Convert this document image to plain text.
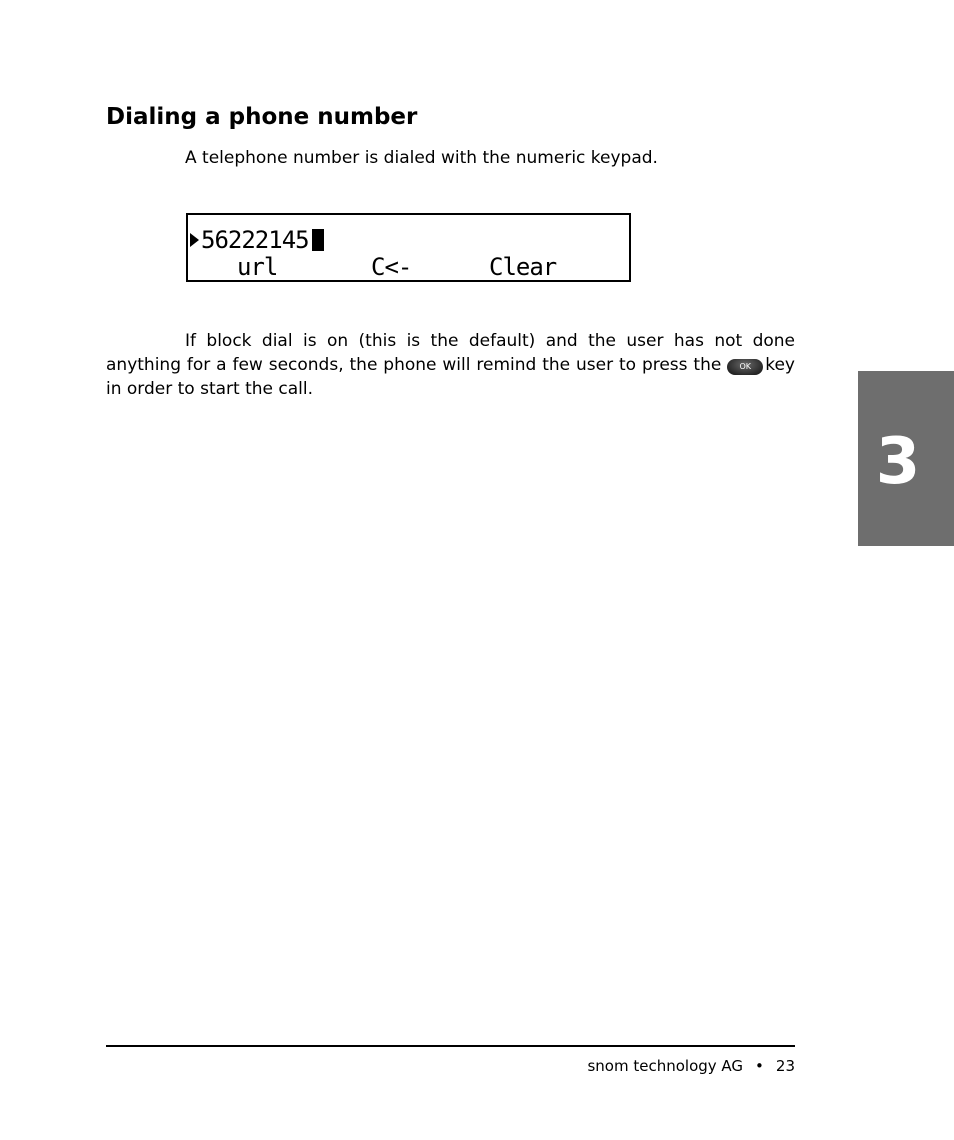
Dialing a phone number

A telephone number is dialed with the numeric keypad.

56222145
url	C<-	Clear

If block dial is on (this is the default) and the user has not done anything for a few seconds, the phone will remind the user to press the OK key in order to start the call.

3
snom technology AG • 23
